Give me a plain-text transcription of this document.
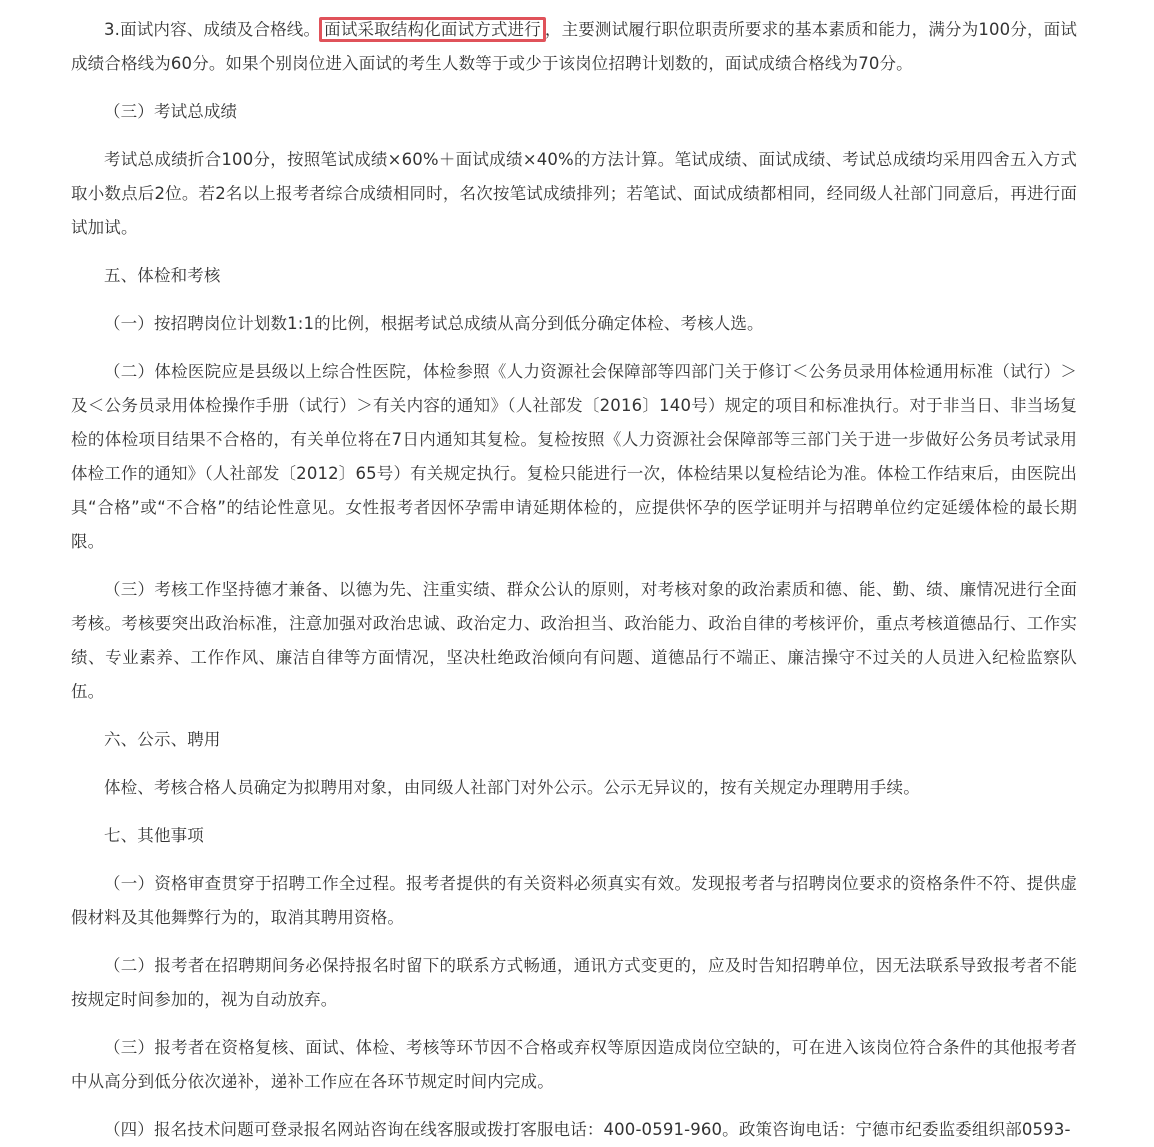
3.面试内容、成绩及合格线。 面试采取结构化面试方式进行 ，主要测试履行职位职责所要求的基本素质和能力，满分为100分，面试成绩合格线为60分。如果个别岗位进入面试的考生人数等于或少于该岗位招聘计划数的，面试成绩合格线为70分。

（三）考试总成绩

考试总成绩折合100分，按照笔试成绩×60%＋面试成绩×40%的方法计算。笔试成绩、面试成绩、考试总成绩均采用四舍五入方式取小数点后2位。若2名以上报考者综合成绩相同时，名次按笔试成绩排列；若笔试、面试成绩都相同，经同级人社部门同意后，再进行面试加试。

五、体检和考核

（一）按招聘岗位计划数1:1的比例，根据考试总成绩从高分到低分确定体检、考核人选。

（二）体检医院应是县级以上综合性医院，体检参照《人力资源社会保障部等四部门关于修订＜公务员录用体检通用标准（试行）＞及＜公务员录用体检操作手册（试行）＞有关内容的通知》（人社部发〔2016〕140号）规定的项目和标准执行。对于非当日、非当场复检的体检项目结果不合格的，有关单位将在7日内通知其复检。复检按照《人力资源社会保障部等三部门关于进一步做好公务员考试录用体检工作的通知》（人社部发〔2012〕65号）有关规定执行。复检只能进行一次，体检结果以复检结论为准。体检工作结束后，由医院出具“合格”或“不合格”的结论性意见。女性报考者因怀孕需申请延期体检的，应提供怀孕的医学证明并与招聘单位约定延缓体检的最长期限。

（三）考核工作坚持德才兼备、以德为先、注重实绩、群众公认的原则，对考核对象的政治素质和德、能、勤、绩、廉情况进行全面考核。考核要突出政治标准，注意加强对政治忠诚、政治定力、政治担当、政治能力、政治自律的考核评价，重点考核道德品行、工作实绩、专业素养、工作作风、廉洁自律等方面情况，坚决杜绝政治倾向有问题、道德品行不端正、廉洁操守不过关的人员进入纪检监察队伍。

六、公示、聘用

体检、考核合格人员确定为拟聘用对象，由同级人社部门对外公示。公示无异议的，按有关规定办理聘用手续。

七、其他事项

（一）资格审查贯穿于招聘工作全过程。报考者提供的有关资料必须真实有效。发现报考者与招聘岗位要求的资格条件不符、提供虚假材料及其他舞弊行为的，取消其聘用资格。

（二）报考者在招聘期间务必保持报名时留下的联系方式畅通，通讯方式变更的，应及时告知招聘单位，因无法联系导致报考者不能按规定时间参加的，视为自动放弃。

（三）报考者在资格复核、面试、体检、考核等环节因不合格或弃权等原因造成岗位空缺的，可在进入该岗位符合条件的其他报考者中从高分到低分依次递补，递补工作应在各环节规定时间内完成。

（四）报名技术问题可登录报名网站咨询在线客服或拨打客服电话：400-0591-960。政策咨询电话：宁德市纪委监委组织部0593-
